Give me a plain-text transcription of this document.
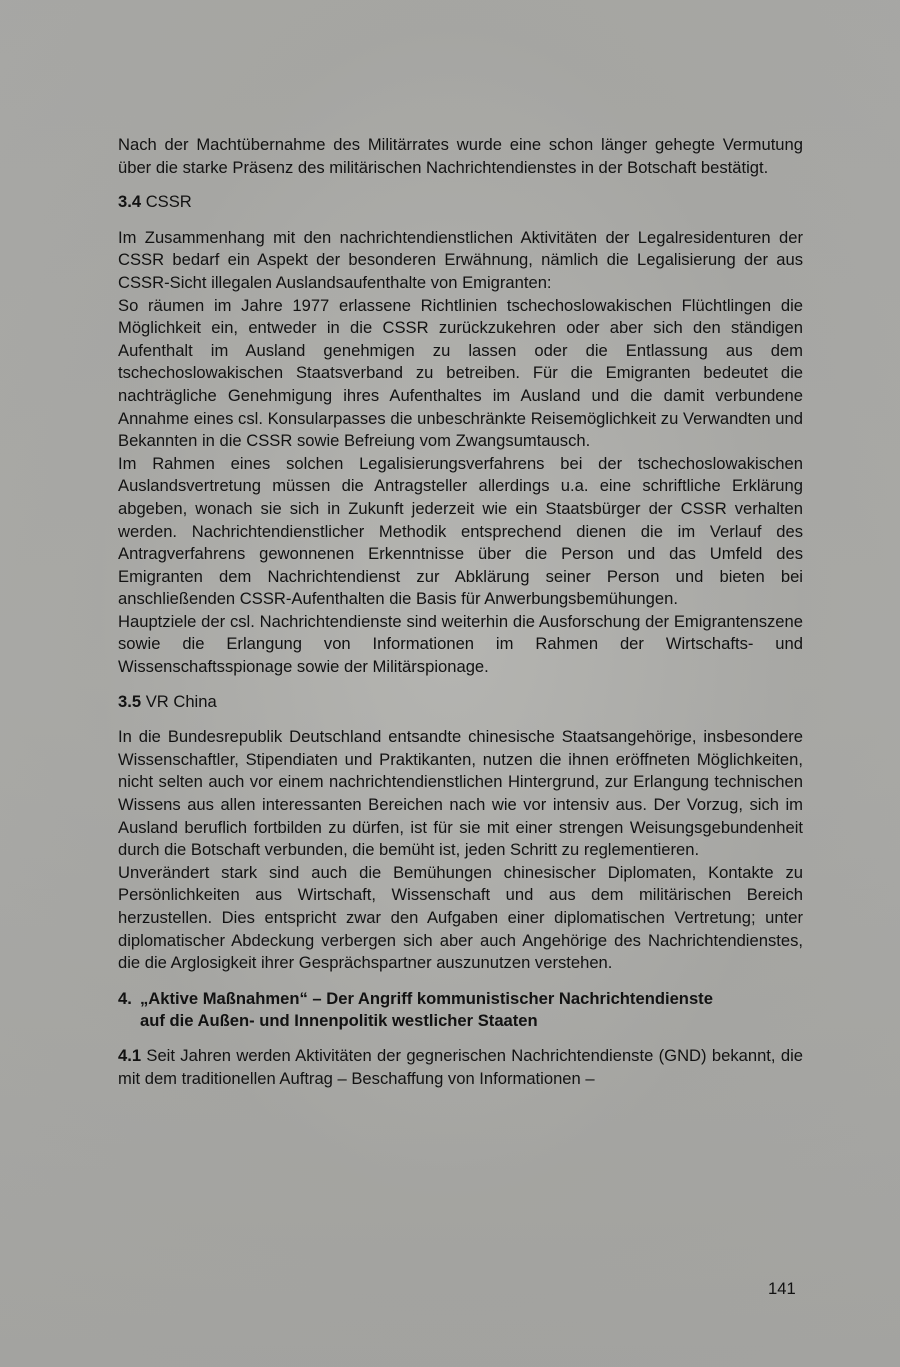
Nach der Machtübernahme des Militärrates wurde eine schon länger gehegte Vermutung über die starke Präsenz des militärischen Nachrichtendienstes in der Botschaft bestätigt.

3.4 CSSR

Im Zusammenhang mit den nachrichtendienstlichen Aktivitäten der Legalresidenturen der CSSR bedarf ein Aspekt der besonderen Erwähnung, nämlich die Legalisierung der aus CSSR-Sicht illegalen Auslandsaufenthalte von Emigranten:

So räumen im Jahre 1977 erlassene Richtlinien tschechoslowakischen Flüchtlingen die Möglichkeit ein, entweder in die CSSR zurückzukehren oder aber sich den ständigen Aufenthalt im Ausland genehmigen zu lassen oder die Entlassung aus dem tschechoslowakischen Staatsverband zu betreiben. Für die Emigranten bedeutet die nachträgliche Genehmigung ihres Aufenthaltes im Ausland und die damit verbundene Annahme eines csl. Konsularpasses die unbeschränkte Reisemöglichkeit zu Verwandten und Bekannten in die CSSR sowie Befreiung vom Zwangsumtausch.

Im Rahmen eines solchen Legalisierungsverfahrens bei der tschechoslowakischen Auslandsvertretung müssen die Antragsteller allerdings u.a. eine schriftliche Erklärung abgeben, wonach sie sich in Zukunft jederzeit wie ein Staatsbürger der CSSR verhalten werden. Nachrichtendienstlicher Methodik entsprechend dienen die im Verlauf des Antragverfahrens gewonnenen Erkenntnisse über die Person und das Umfeld des Emigranten dem Nachrichtendienst zur Abklärung seiner Person und bieten bei anschließenden CSSR-Aufenthalten die Basis für Anwerbungsbemühungen.

Hauptziele der csl. Nachrichtendienste sind weiterhin die Ausforschung der Emigrantenszene sowie die Erlangung von Informationen im Rahmen der Wirtschafts- und Wissenschaftsspionage sowie der Militärspionage.

3.5 VR China

In die Bundesrepublik Deutschland entsandte chinesische Staatsangehörige, insbesondere Wissenschaftler, Stipendiaten und Praktikanten, nutzen die ihnen eröffneten Möglichkeiten, nicht selten auch vor einem nachrichtendienstlichen Hintergrund, zur Erlangung technischen Wissens aus allen interessanten Bereichen nach wie vor intensiv aus. Der Vorzug, sich im Ausland beruflich fortbilden zu dürfen, ist für sie mit einer strengen Weisungsgebundenheit durch die Botschaft verbunden, die bemüht ist, jeden Schritt zu reglementieren.

Unverändert stark sind auch die Bemühungen chinesischer Diplomaten, Kontakte zu Persönlichkeiten aus Wirtschaft, Wissenschaft und aus dem militärischen Bereich herzustellen. Dies entspricht zwar den Aufgaben einer diplomatischen Vertretung; unter diplomatischer Abdeckung verbergen sich aber auch Angehörige des Nachrichtendienstes, die die Arglosigkeit ihrer Gesprächspartner auszunutzen verstehen.

4. „Aktive Maßnahmen“ – Der Angriff kommunistischer Nachrichtendienste
auf die Außen- und Innenpolitik westlicher Staaten

4.1 Seit Jahren werden Aktivitäten der gegnerischen Nachrichtendienste (GND) bekannt, die mit dem traditionellen Auftrag – Beschaffung von Informationen –

141
